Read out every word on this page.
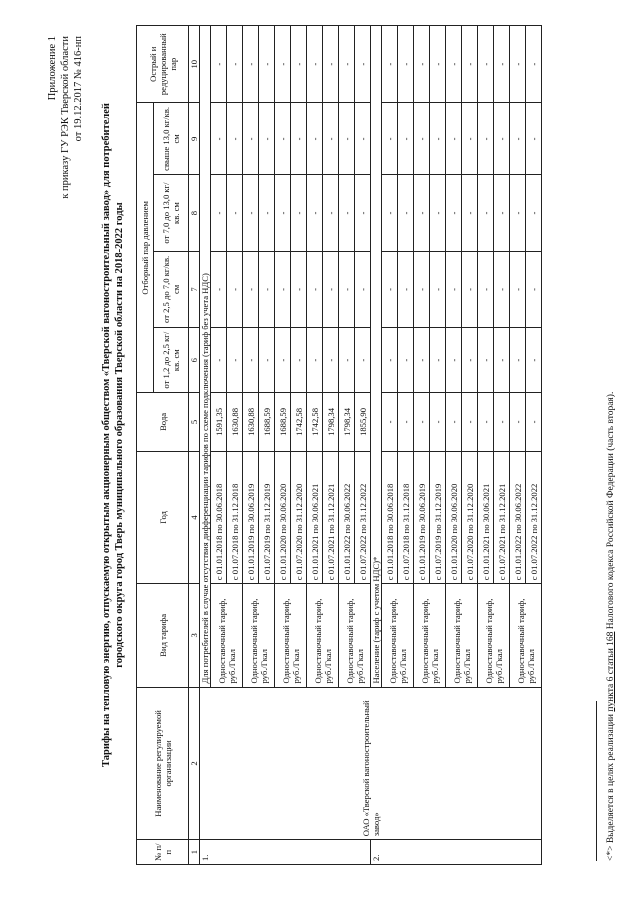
Приложение 1 к приказу ГУ РЭК Тверской области от 19.12.2017 № 416-нп
Тарифы на тепловую энергию, отпускаемую открытым акционерным обществом «Тверской вагоностроительный завод» для потребителей городского округа город Тверь муниципального образования Тверской области на 2018-2022 годы
№ п/п	Наименование регулируемой организации	Вид тарифа	Год	Вода	Отборный пар давлением				Острый и редуцированный пар
					от 1,2 до 2,5 кг/кв. см	от 2,5 до 7,0 кг/кв. см	от 7,0 до 13,0 кг/кв. см	свыше 13,0 кг/кв. см	
1	2	3	4	5	6	7	8	9	10
1.	ОАО «Тверской вагоностроительный завод»	Для потребителей в случае отсутствия дифференциации тарифов по схеме подключения (тариф без учета НДС)							
		Одноставочный тариф, руб./Гкал	с 01.01.2018 по 30.06.2018	1591,35	-	-	-	-	-
			с 01.07.2018 по 31.12.2018	1630,88	-	-	-	-	-
		Одноставочный тариф, руб./Гкал	с 01.01.2019 по 30.06.2019	1630,88	-	-	-	-	-
			с 01.07.2019 по 31.12.2019	1688,59	-	-	-	-	-
		Одноставочный тариф, руб./Гкал	с 01.01.2020 по 30.06.2020	1688,59	-	-	-	-	-
			с 01.07.2020 по 31.12.2020	1742,58	-	-	-	-	-
		Одноставочный тариф, руб./Гкал	с 01.01.2021 по 30.06.2021	1742,58	-	-	-	-	-
			с 01.07.2021 по 31.12.2021	1798,34	-	-	-	-	-
		Одноставочный тариф, руб./Гкал	с 01.01.2022 по 30.06.2022	1798,34	-	-	-	-	-
			с 01.07.2022 по 31.12.2022	1855,90	-	-	-	-	-
2.		Население (тариф с учетом НДС)*							
		Одноставочный тариф, руб./Гкал	с 01.01.2018 по 30.06.2018	-	-	-	-	-	-
			с 01.07.2018 по 31.12.2018	-	-	-	-	-	-
		Одноставочный тариф, руб./Гкал	с 01.01.2019 по 30.06.2019	-	-	-	-	-	-
			с 01.07.2019 по 31.12.2019	-	-	-	-	-	-
		Одноставочный тариф, руб./Гкал	с 01.01.2020 по 30.06.2020	-	-	-	-	-	-
			с 01.07.2020 по 31.12.2020	-	-	-	-	-	-
		Одноставочный тариф, руб./Гкал	с 01.01.2021 по 30.06.2021	-	-	-	-	-	-
			с 01.07.2021 по 31.12.2021	-	-	-	-	-	-
		Одноставочный тариф, руб./Гкал	с 01.01.2022 по 30.06.2022	-	-	-	-	-	-
			с 01.07.2022 по 31.12.2022	-	-	-	-	-	-
<*> Выделяется в целях реализации пункта 6 статьи 168 Налогового кодекса Российской Федерации (часть вторая).
